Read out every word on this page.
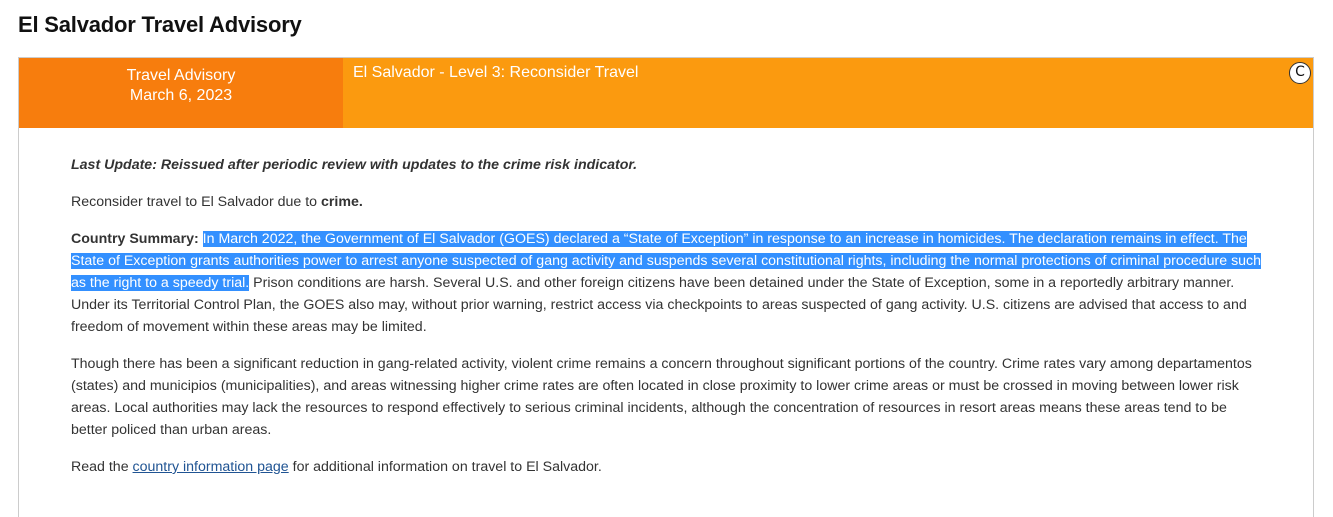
El Salvador Travel Advisory
Travel Advisory
March 6, 2023
El Salvador - Level 3: Reconsider Travel	C

Last Update: Reissued after periodic review with updates to the crime risk indicator.

Reconsider travel to El Salvador due to crime.

Country Summary: In March 2022, the Government of El Salvador (GOES) declared a “State of Exception” in response to an increase in homicides. The declaration remains in effect. The State of Exception grants authorities power to arrest anyone suspected of gang activity and suspends several constitutional rights, including the normal protections of criminal procedure such as the right to a speedy trial. Prison conditions are harsh. Several U.S. and other foreign citizens have been detained under the State of Exception, some in a reportedly arbitrary manner. Under its Territorial Control Plan, the GOES also may, without prior warning, restrict access via checkpoints to areas suspected of gang activity. U.S. citizens are advised that access to and freedom of movement within these areas may be limited.

Though there has been a significant reduction in gang-related activity, violent crime remains a concern throughout significant portions of the country. Crime rates vary among departamentos (states) and municipios (municipalities), and areas witnessing higher crime rates are often located in close proximity to lower crime areas or must be crossed in moving between lower risk areas. Local authorities may lack the resources to respond effectively to serious criminal incidents, although the concentration of resources in resort areas means these areas tend to be better policed than urban areas.

Read the country information page for additional information on travel to El Salvador.
